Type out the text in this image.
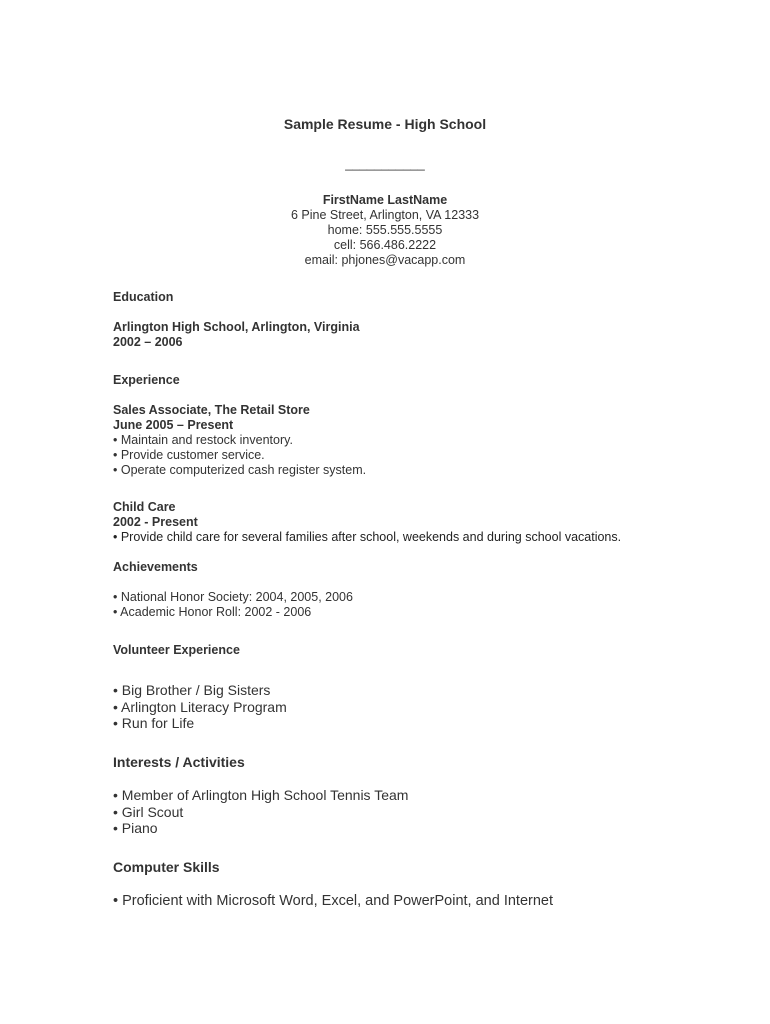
Sample Resume - High School
___________
FirstName LastName
6 Pine Street, Arlington, VA 12333
home: 555.555.5555
cell: 566.486.2222
email: phjones@vacapp.com
Education
Arlington High School, Arlington, Virginia
2002 – 2006
Experience
Sales Associate, The Retail Store
June 2005 – Present
• Maintain and restock inventory.
• Provide customer service.
• Operate computerized cash register system.
Child Care
2002 - Present
• Provide child care for several families after school, weekends and during school vacations.
Achievements
• National Honor Society: 2004, 2005, 2006
• Academic Honor Roll: 2002 - 2006
Volunteer Experience
• Big Brother / Big Sisters
• Arlington Literacy Program
• Run for Life
Interests / Activities
• Member of Arlington High School Tennis Team
• Girl Scout
• Piano
Computer Skills
• Proficient with Microsoft Word, Excel, and PowerPoint, and Internet
